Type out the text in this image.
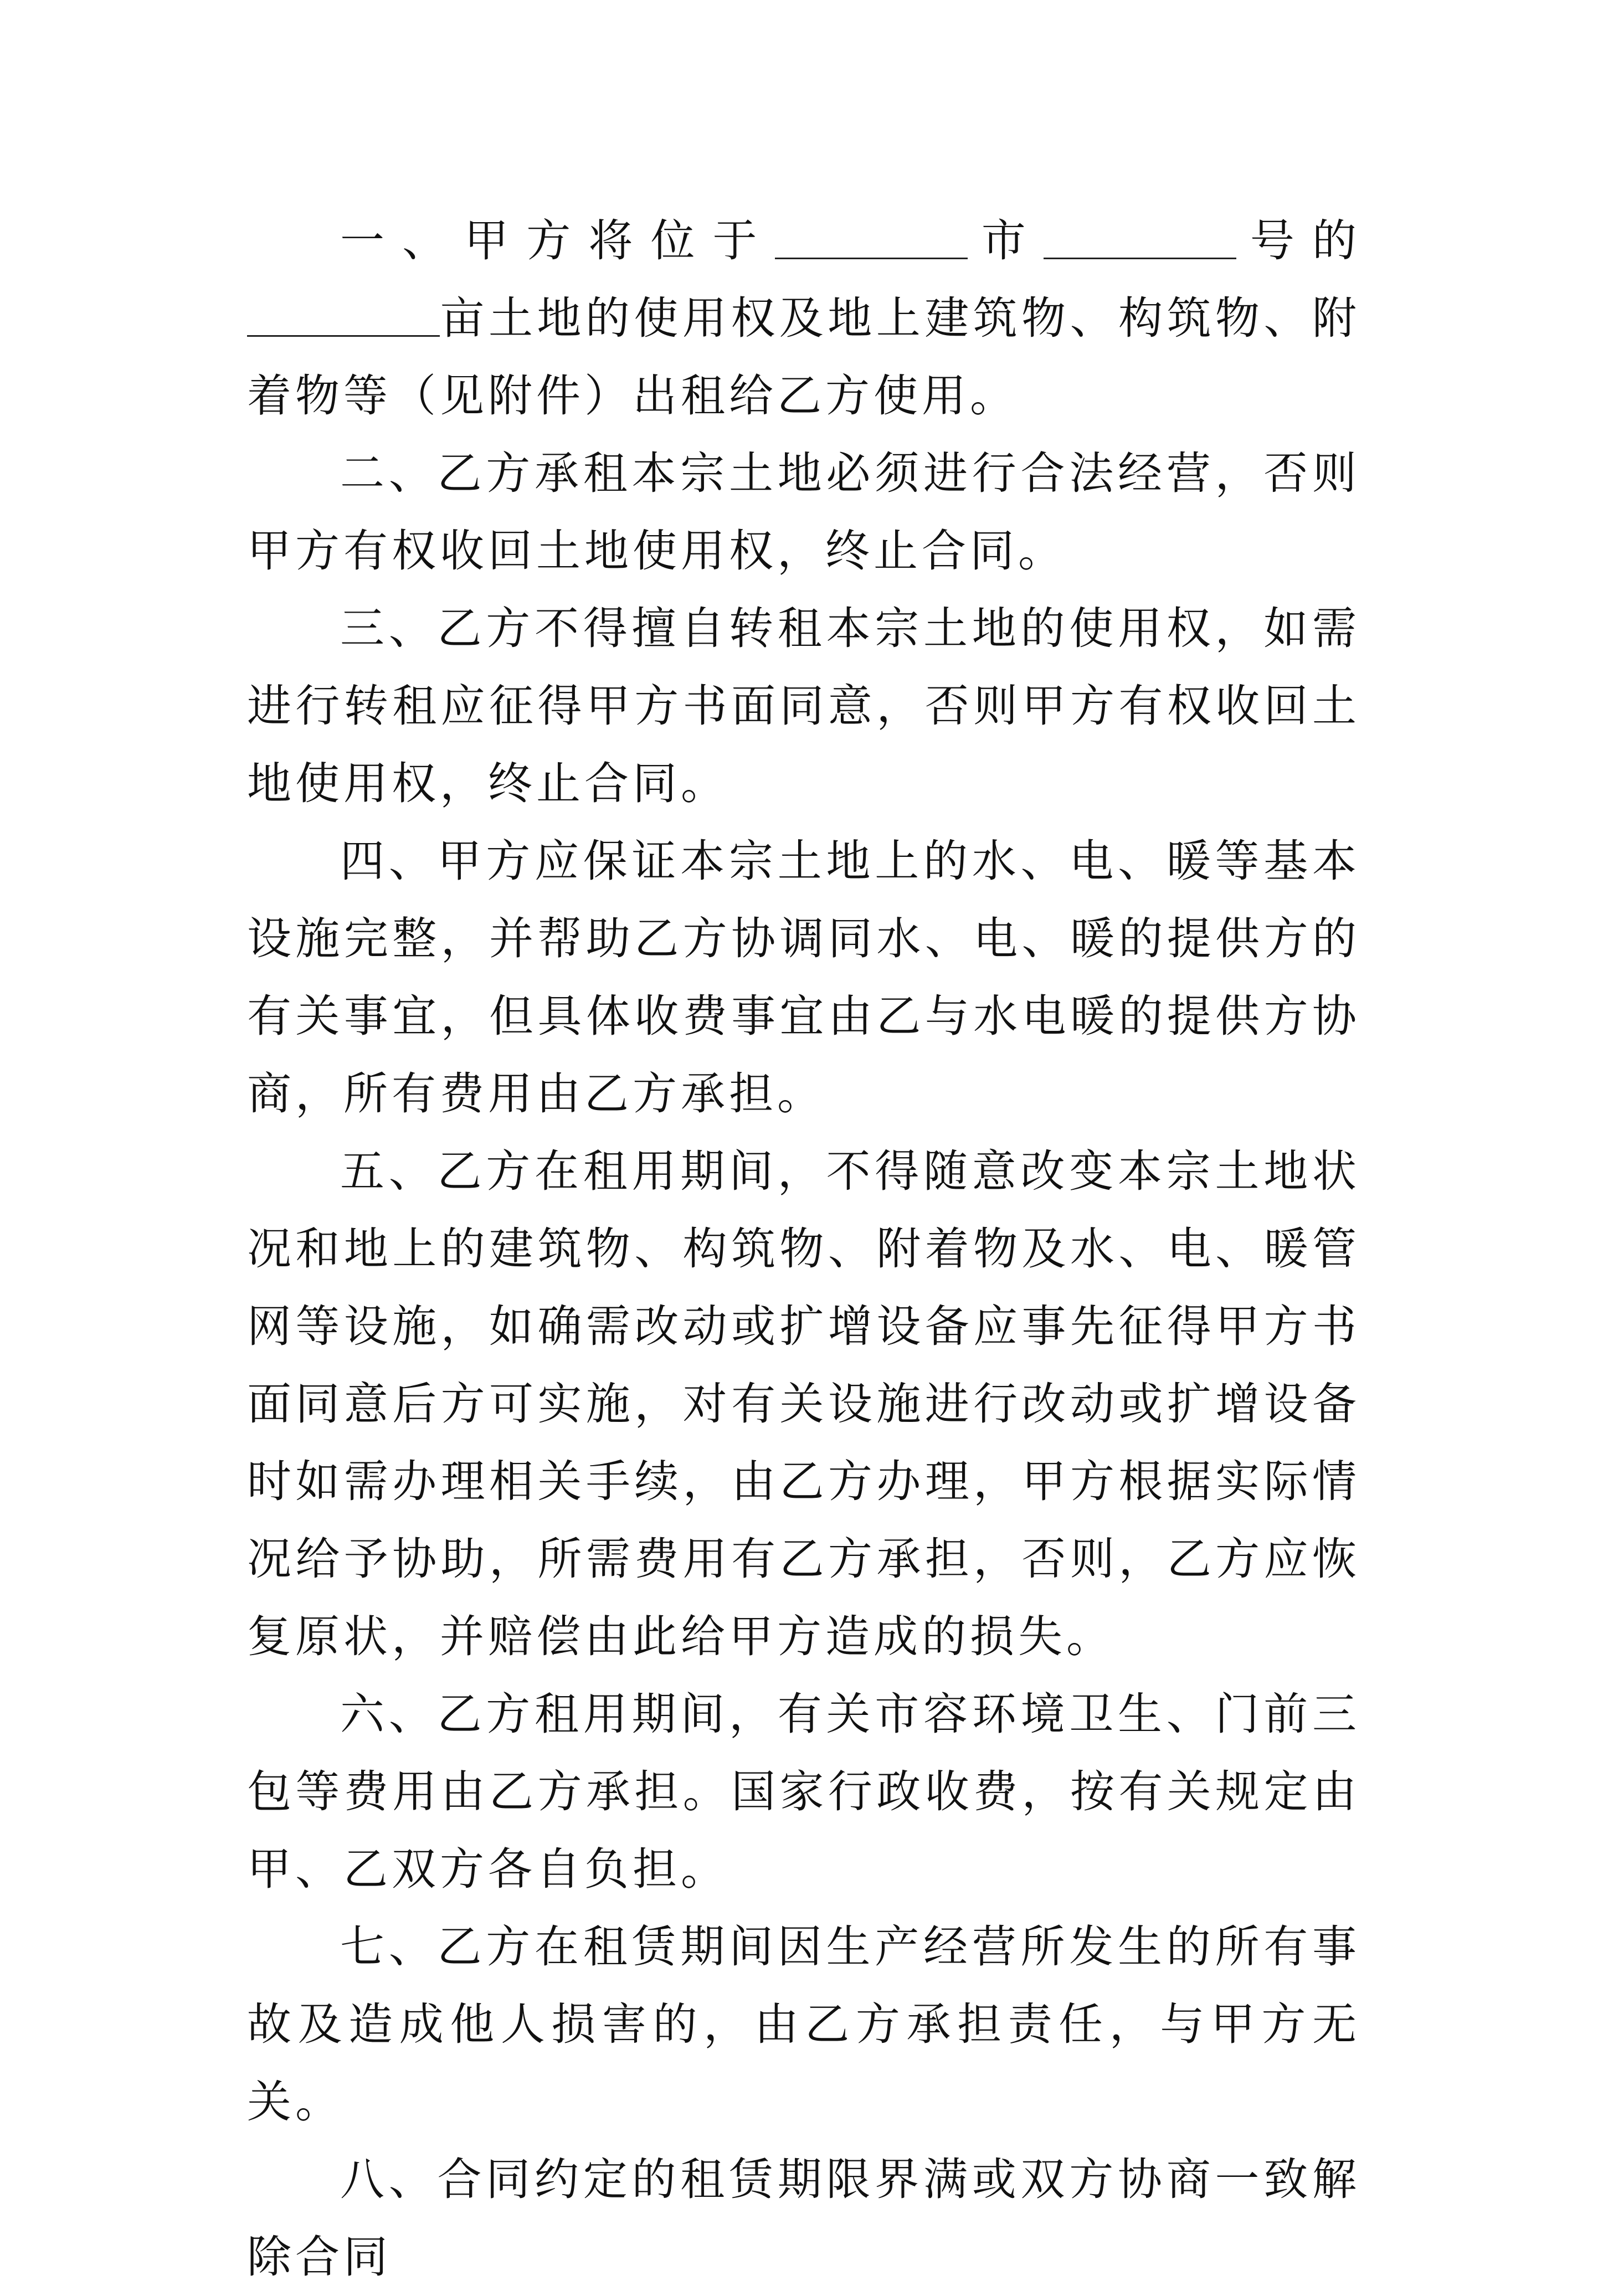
一、甲方将位于	市	号的亩土地的使用权及地上建筑物、构筑物、附着物等（见附件）出租给乙方使用。

二、乙方承租本宗土地必须进行合法经营，否则甲方有权收回土地使用权，终止合同。

三、乙方不得擅自转租本宗土地的使用权，如需进行转租应征得甲方书面同意，否则甲方有权收回土地使用权，终止合同。

四、甲方应保证本宗土地上的水、电、暖等基本设施完整，并帮助乙方协调同水、电、暖的提供方的有关事宜，但具体收费事宜由乙与水电暖的提供方协商，所有费用由乙方承担。

五、乙方在租用期间，不得随意改变本宗土地状况和地上的建筑物、构筑物、附着物及水、电、暖管网等设施，如确需改动或扩增设备应事先征得甲方书面同意后方可实施，对有关设施进行改动或扩增设备时如需办理相关手续，由乙方办理，甲方根据实际情况给予协助，所需费用有乙方承担，否则，乙方应恢复原状，并赔偿由此给甲方造成的损失。

六、乙方租用期间，有关市容环境卫生、门前三包等费用由乙方承担。国家行政收费，按有关规定由甲、乙双方各自负担。

七、乙方在租赁期间因生产经营所发生的所有事故及造成他人损害的，由乙方承担责任，与甲方无关。

八、合同约定的租赁期限界满或双方协商一致解除合同
